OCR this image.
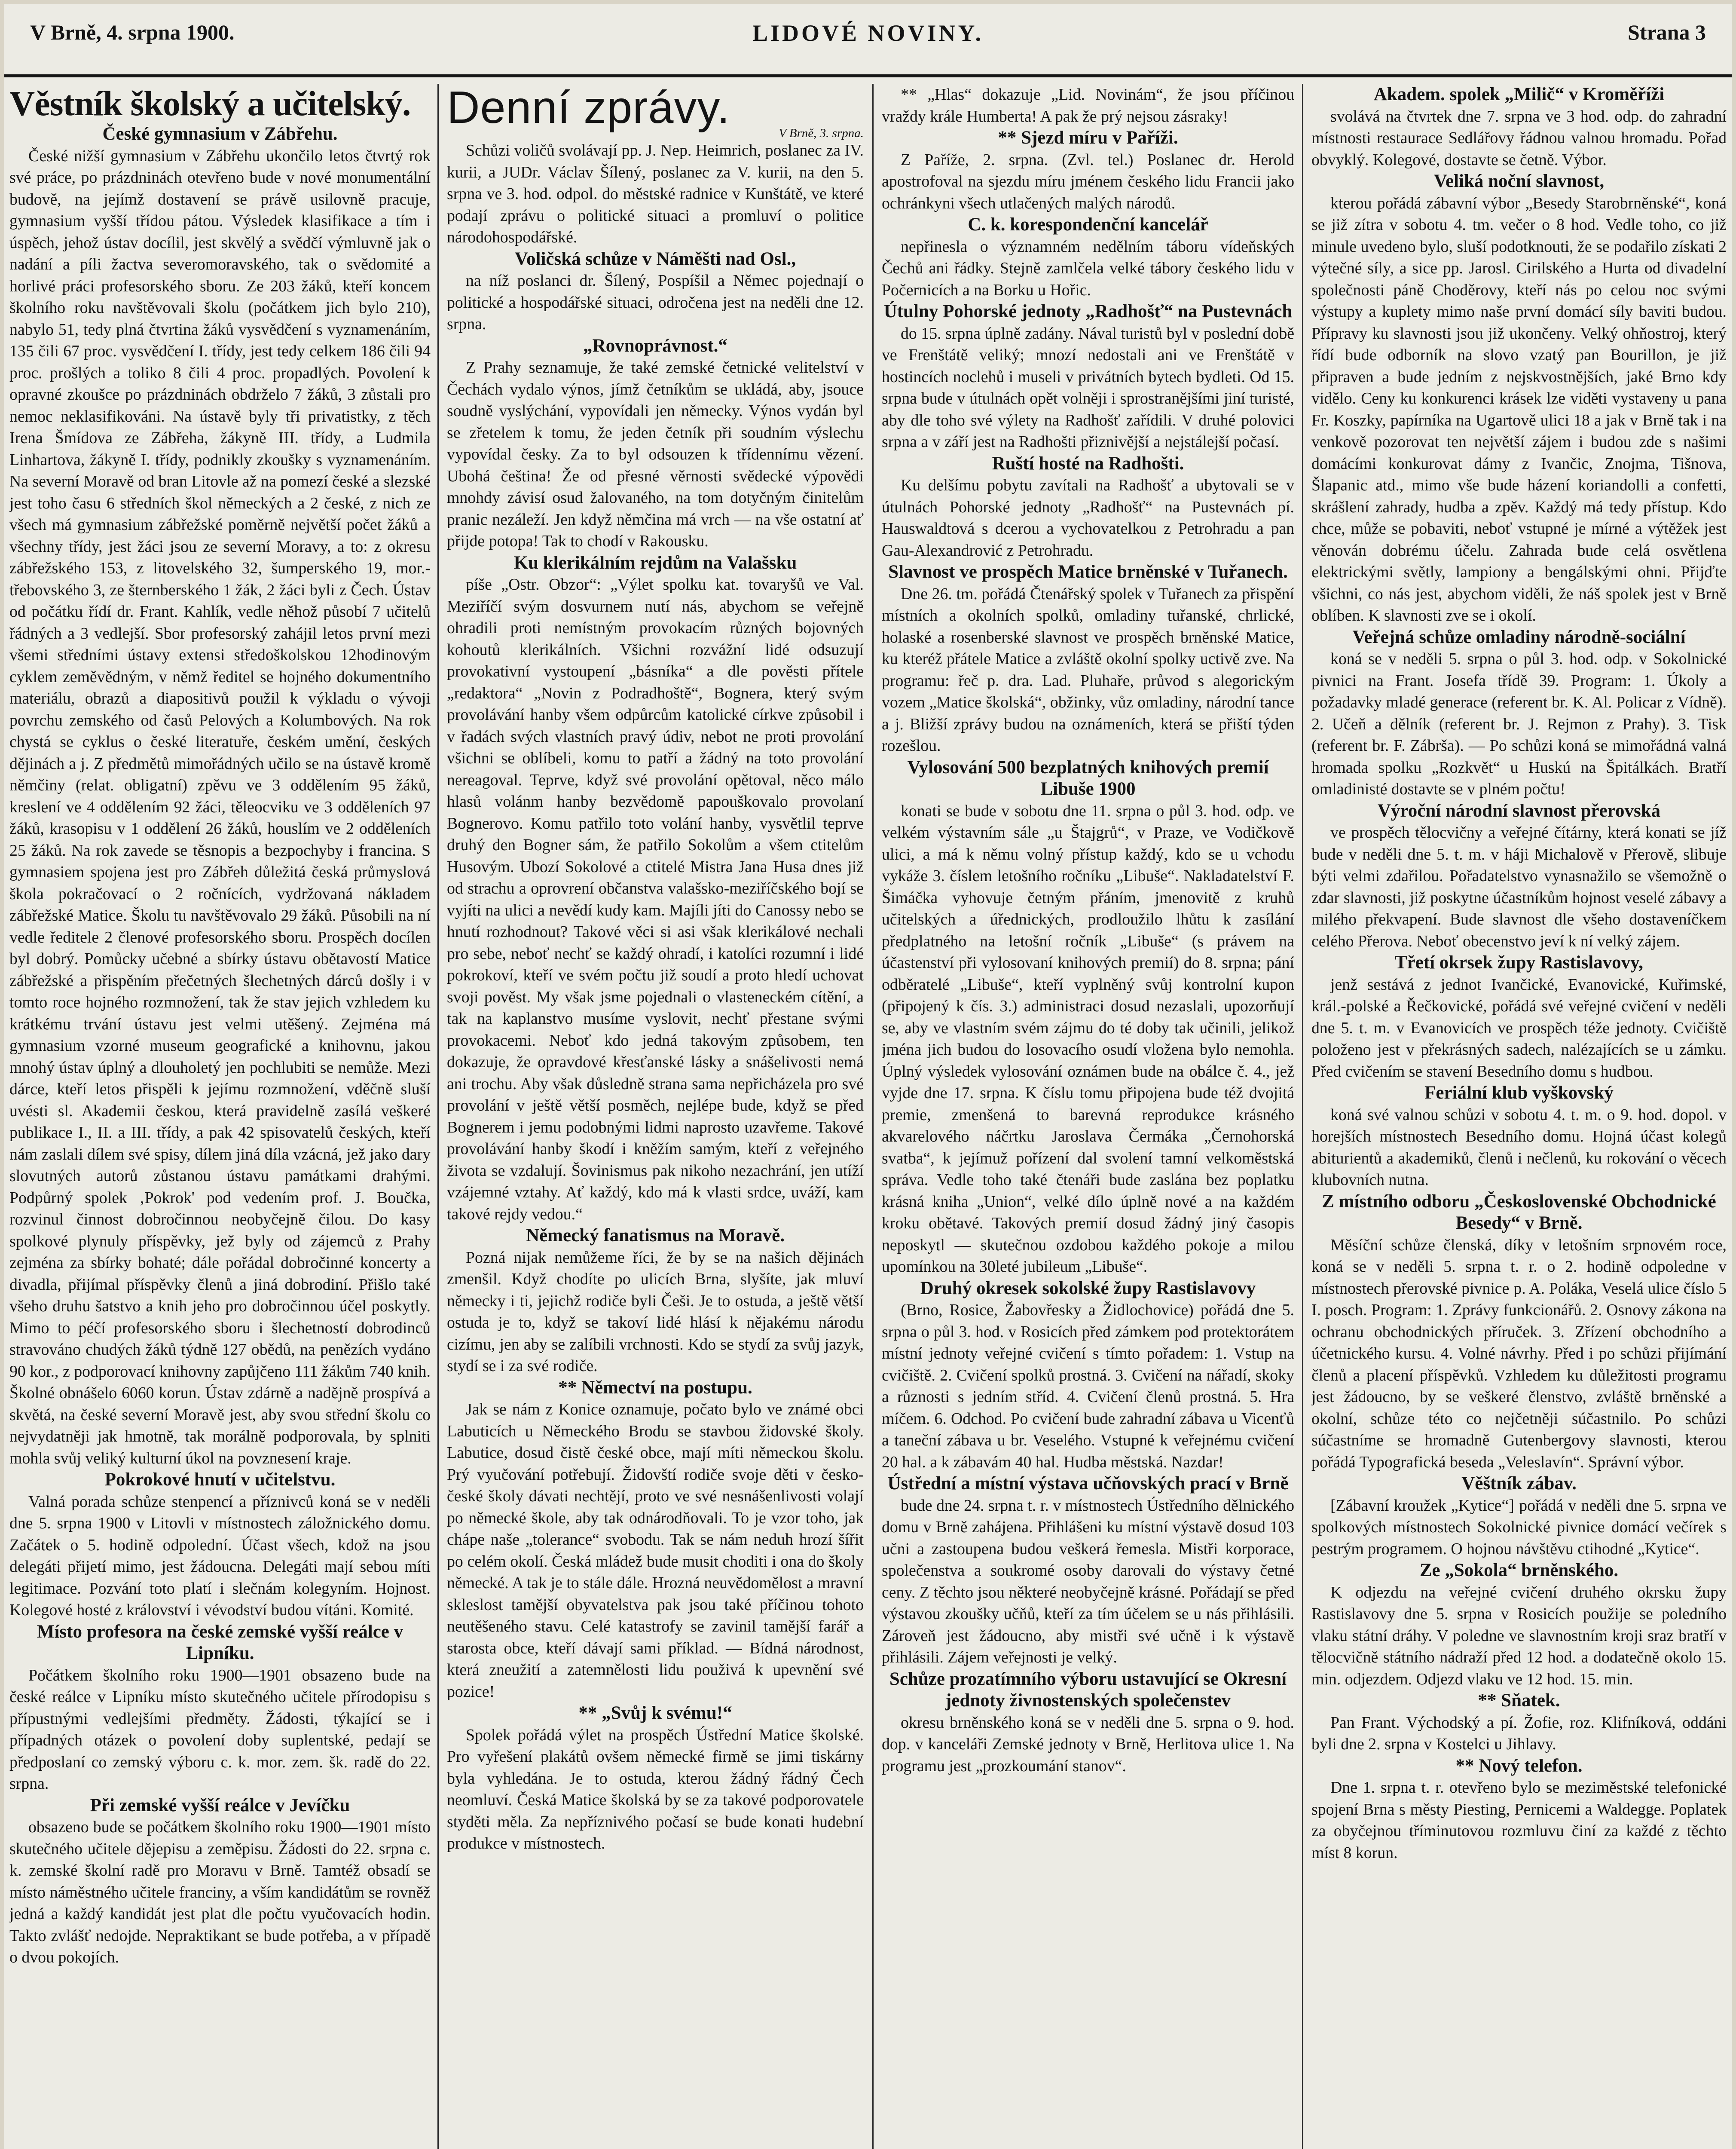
V Brně, 4. srpna 1900.	LIDOVÉ NOVINY.	Strana 3
Věstník školský a učitelský.
České gymnasium v Zábřehu.

České nižší gymnasium v Zábřehu ukončilo letos čtvrtý rok své práce, po prázdninách otevřeno bude v nové monumentální budově, na jejímž dostavení se právě usilovně pracuje, gymnasium vyšší třídou pátou. Výsledek klasifikace a tím i úspěch, jehož ústav docílil, jest skvělý a svědčí výmluvně jak o nadání a píli žactva severomoravského, tak o svědomité a horlivé práci profesorského sboru. Ze 203 žáků, kteří koncem školního roku navštěvovali školu (počátkem jich bylo 210), nabylo 51, tedy plná čtvrtina žáků vysvědčení s vyznamenáním, 135 čili 67 proc. vysvědčení I. třídy, jest tedy celkem 186 čili 94 proc. prošlých a toliko 8 čili 4 proc. propadlých. Povolení k opravné zkoušce po prázdninách obdrželo 7 žáků, 3 zůstali pro nemoc neklasifikováni. Na ústavě byly tři privatistky, z těch Irena Šmídova ze Zábřeha, žákyně III. třídy, a Ludmila Linhartova, žákyně I. třídy, podnikly zkoušky s vyznamenáním. Na severní Moravě od bran Litovle až na pomezí české a slezské jest toho času 6 středních škol německých a 2 české, z nich ze všech má gymnasium zábřežské poměrně největší počet žáků a všechny třídy, jest žáci jsou ze severní Moravy, a to: z okresu zábřežského 153, z litovelského 32, šumperského 19, mor.-třebovského 3, ze šternberského 1 žák, 2 žáci byli z Čech. Ústav od počátku řídí dr. Frant. Kahlík, vedle něhož působí 7 učitelů řádných a 3 vedlejší. Sbor profesorský zahájil letos první mezi všemi středními ústavy extensi středoškolskou 12hodinovým cyklem zeměvědným, v němž ředitel se hojného dokumentního materiálu, obrazů a diapositivů použil k výkladu o vývoji povrchu zemského od časů Pelových a Kolumbových. Na rok chystá se cyklus o české literatuře, českém umění, českých dějinách a j. Z předmětů mimořádných učilo se na ústavě kromě němčiny (relat. obligatní) zpěvu ve 3 oddělením 95 žáků, kreslení ve 4 oddělením 92 žáci, těleocviku ve 3 odděleních 97 žáků, krasopisu v 1 oddělení 26 žáků, houslím ve 2 odděleních 25 žáků. Na rok zavede se těsnopis a bezpochyby i francina. S gymnasiem spojena jest pro Zábřeh důležitá česká průmyslová škola pokračovací o 2 ročnících, vydržovaná nákladem zábřežské Matice. Školu tu navštěvovalo 29 žáků. Působili na ní vedle ředitele 2 členové profesorského sboru. Prospěch docílen byl dobrý. Pomůcky učebné a sbírky ústavu obětavostí Matice zábřežské a přispěním přečetných šlechetných dárců došly i v tomto roce hojného rozmnožení, tak že stav jejich vzhledem ku krátkému trvání ústavu jest velmi utěšený. Zejména má gymnasium vzorné museum geografické a knihovnu, jakou mnohý ústav úplný a dlouholetý jen pochlubiti se nemůže. Mezi dárce, kteří letos přispěli k jejímu rozmnožení, vděčně sluší uvésti sl. Akademii českou, která pravidelně zasílá veškeré publikace I., II. a III. třídy, a pak 42 spisovatelů českých, kteří nám zaslali dílem své spisy, dílem jiná díla vzácná, jež jako dary slovutných autorů zůstanou ústavu památkami drahými. Podpůrný spolek ‚Pokrok' pod vedením prof. J. Boučka, rozvinul činnost dobročinnou neobyčejně čilou. Do kasy spolkové plynuly příspěvky, jež byly od zájemců z Prahy zejména za sbírky bohaté; dále pořádal dobročinné koncerty a divadla, přijímal příspěvky členů a jiná dobrodiní. Přišlo také všeho druhu šatstvo a knih jeho pro dobročinnou účel poskytly. Mimo to péčí profesorského sboru i šlechetností dobrodinců stravováno chudých žáků týdně 127 obědů, na penězích vydáno 90 kor., z podporovací knihovny zapůjčeno 111 žákům 740 knih. Školné obnášelo 6060 korun. Ústav zdárně a nadějně prospívá a skvětá, na české severní Moravě jest, aby svou střední školu co nejvydatněji jak hmotně, tak morálně podporovala, by splniti mohla svůj veliký kulturní úkol na povznesení kraje.

Pokrokové hnutí v učitelstvu.

Valná porada schůze stenpencí a příznivců koná se v neděli dne 5. srpna 1900 v Litovli v místnostech záložnického domu. Začátek o 5. hodině odpolední. Účast všech, kdož na jsou delegáti přijetí mimo, jest žádoucna. Delegáti mají sebou míti legitimace. Pozvání toto platí i slečnám kolegyním. Hojnost. Kolegové hosté z království i vévodství budou vítáni. Komité.

Místo profesora na české zemské vyšší reálce v Lipníku.

Počátkem školního roku 1900—1901 obsazeno bude na české reálce v Lipníku místo skutečného učitele přírodopisu s přípustnými vedlejšími předměty. Žádosti, týkající se i případných otázek o povolení doby suplentské, pedají se předposlaní co zemský výboru c. k. mor. zem. šk. radě do 22. srpna.

Při zemské vyšší reálce v Jevíčku

obsazeno bude se počátkem školního roku 1900—1901 místo skutečného učitele dějepisu a zeměpisu. Žádosti do 22. srpna c. k. zemské školní radě pro Moravu v Brně. Tamtéž obsadí se místo náměstného učitele franciny, a vším kandidátům se rovněž jedná a každý kandidát jest plat dle počtu vyučovacích hodin. Takto zvlášť nedojde. Nepraktikant se bude potřeba, a v případě o dvou pokojích.

Denní zprávy.
V Brně, 3. srpna.

Schůzi voličů svolávají pp. J. Nep. Heimrich, poslanec za IV. kurii, a JUDr. Václav Šílený, poslanec za V. kurii, na den 5. srpna ve 3. hod. odpol. do městské radnice v Kunštátě, ve které podají zprávu o politické situaci a promluví o politice národohospodářské.

Voličská schůze v Náměšti nad Osl.,

na níž poslanci dr. Šílený, Pospíšil a Němec pojednají o politické a hospodářské situaci, odročena jest na neděli dne 12. srpna.

„Rovnoprávnost.“

Z Prahy seznamuje, že také zemské četnické velitelství v Čechách vydalo výnos, jímž četníkům se ukládá, aby, jsouce soudně vyslýchání, vypovídali jen německy. Výnos vydán byl se zřetelem k tomu, že jeden četník při soudním výslechu vypovídal česky. Za to byl odsouzen k třídennímu vězení. Ubohá čeština! Že od přesné věrnosti svědecké výpovědi mnohdy závisí osud žalovaného, na tom dotyčným činitelům pranic nezáleží. Jen když němčina má vrch — na vše ostatní ať přijde potopa! Tak to chodí v Rakousku.

Ku klerikálním rejdům na Valašsku

píše „Ostr. Obzor“: „Výlet spolku kat. tovaryšů ve Val. Meziříčí svým dosvurnem nutí nás, abychom se veřejně ohradili proti nemístným provokacím různých bojovných kohoutů klerikálních. Všichni rozvážní lidé odsuzují provokativní vystoupení „básníka“ a dle pověsti přítele „redaktora“ „Novin z Podradhoště“, Bognera, který svým provolávání hanby všem odpůrcům katolické církve způsobil i v řadách svých vlastních pravý údiv, nebot ne proti provolání všichni se oblíbeli, komu to patří a žádný na toto provolání nereagoval. Teprve, když své provolání opětoval, něco málo hlasů volánm hanby bezvědomě papouškovalo provolaní Bognerovo. Komu patřilo toto volání hanby, vysvětlil teprve druhý den Bogner sám, že patřilo Sokolům a všem ctitelům Husovým. Ubozí Sokolové a ctitelé Mistra Jana Husa dnes již od strachu a oprovrení občanstva valašsko-meziříčského bojí se vyjíti na ulici a nevědí kudy kam. Majíli jíti do Canossy nebo se hnutí rozhodnout? Takové věci si asi však klerikálové nechali pro sebe, neboť nechť se každý ohradí, i katolíci rozumní i lidé pokrokoví, kteří ve svém počtu již soudí a proto hledí uchovat svoji pověst. My však jsme pojednali o vlasteneckém cítění, a tak na kaplanstvo musíme vyslovit, nechť přestane svými provokacemi. Neboť kdo jedná takovým způsobem, ten dokazuje, že opravdové křesťanské lásky a snášelivosti nemá ani trochu. Aby však důsledně strana sama nepřicházela pro své provolání v ještě větší posměch, nejlépe bude, když se před Bognerem i jemu podobnými lidmi naprosto uzavřeme. Takové provolávání hanby škodí i kněžím samým, kteří z veřejného života se vzdalují. Šovinismus pak nikoho nezachrání, jen utíží vzájemné vztahy. Ať každý, kdo má k vlasti srdce, uváží, kam takové rejdy vedou.“

Německý fanatismus na Moravě.

Pozná nijak nemůžeme říci, že by se na našich dějinách zmenšil. Když chodíte po ulicích Brna, slyšíte, jak mluví německy i ti, jejichž rodiče byli Češi. Je to ostuda, a ještě větší ostuda je to, když se takoví lidé hlásí k nějakému národu cizímu, jen aby se zalíbili vrchnosti. Kdo se stydí za svůj jazyk, stydí se i za své rodiče.

** Němectví na postupu.

Jak se nám z Konice oznamuje, počato bylo ve známé obci Labuticích u Německého Brodu se stavbou židovské školy. Labutice, dosud čistě české obce, mají míti německou školu. Prý vyučování potřebují. Židovští rodiče svoje děti v česko-české školy dávati nechtějí, proto ve své nesnášenlivosti volají po německé škole, aby tak odnárodňovali. To je vzor toho, jak chápe naše „tolerance“ svobodu. Tak se nám neduh hrozí šířit po celém okolí. Česká mládež bude musit choditi i ona do školy německé. A tak je to stále dále. Hrozná neuvědomělost a mravní skleslost tamější obyvatelstva pak jsou také příčinou tohoto neutěšeného stavu. Celé katastrofy se zavinil tamější farář a starosta obce, kteří dávají sami příklad. — Bídná národnost, která zneužití a zatemnělosti lidu použivá k upevnění své pozice!

** „Svůj k svému!“

Spolek pořádá výlet na prospěch Ústřední Matice školské. Pro vyřešení plakátů ovšem německé firmě se jimi tiskárny byla vyhledána. Je to ostuda, kterou žádný řádný Čech neomluví. Česká Matice školská by se za takové podporovatele styděti měla. Za nepříznivého počasí se bude konati hudební produkce v místnostech.

** „Hlas“ dokazuje „Lid. Novinám“, že jsou příčinou vraždy krále Humberta! A pak že prý nejsou zásraky!

** Sjezd míru v Paříži.

Z Paříže, 2. srpna. (Zvl. tel.) Poslanec dr. Herold apostrofoval na sjezdu míru jménem českého lidu Francii jako ochránkyni všech utlačených malých národů.

C. k. korespondenční kancelář

nepřinesla o významném nedělním táboru vídeňských Čechů ani řádky. Stejně zamlčela velké tábory českého lidu v Počernicích a na Borku u Hořic.

Útulny Pohorské jednoty „Radhošť“ na Pustevnách

do 15. srpna úplně zadány. Nával turistů byl v poslední době ve Frenštátě veliký; mnozí nedostali ani ve Frenštátě v hostincích noclehů i museli v privátních bytech bydleti. Od 15. srpna bude v útulnách opět volněji i sprostranějšími jiní turisté, aby dle toho své výlety na Radhošť zařídili. V druhé polovici srpna a v září jest na Radhošti přiznivější a nejstálejší počasí.

Ruští hosté na Radhošti.

Ku delšímu pobytu zavítali na Radhošť a ubytovali se v útulnách Pohorské jednoty „Radhošť“ na Pustevnách pí. Hauswaldtová s dcerou a vychovatelkou z Petrohradu a pan Gau-Alexandrović z Petrohradu.

Slavnost ve prospěch Matice brněnské v Tuřanech.

Dne 26. tm. pořádá Čtenářský spolek v Tuřanech za přispění místních a okolních spolků, omladiny tuřanské, chrlické, holaské a rosenberské slavnost ve prospěch brněnské Matice, ku kteréž přátele Matice a zvláště okolní spolky uctivě zve. Na programu: řeč p. dra. Lad. Pluhaře, průvod s alegorickým vozem „Matice školská“, obžinky, vůz omladiny, národní tance a j. Bližší zprávy budou na oznámeních, která se přiští týden rozešlou.

Vylosování 500 bezplatných knihových premií Libuše 1900

konati se bude v sobotu dne 11. srpna o půl 3. hod. odp. ve velkém výstavním sále „u Štajgrů“, v Praze, ve Vodičkově ulici, a má k němu volný přístup každý, kdo se u vchodu vykáže 3. číslem letošního ročníku „Libuše“. Nakladatelství F. Šimáčka vyhovuje četným přáním, jmenovitě z kruhů učitelských a úřednických, prodloužilo lhůtu k zasílání předplatného na letošní ročník „Libuše“ (s právem na účastenství při vylosovaní knihových premií) do 8. srpna; pání odběratelé „Libuše“, kteří vyplněný svůj kontrolní kupon (připojený k čís. 3.) administraci dosud nezaslali, upozorňují se, aby ve vlastním svém zájmu do té doby tak učinili, jelikož jména jich budou do losovacího osudí vložena bylo nemohla. Úplný výsledek vylosování oznámen bude na obálce č. 4., jež vyjde dne 17. srpna. K číslu tomu připojena bude též dvojitá premie, zmenšená to barevná reprodukce krásného akvarelového náčrtku Jaroslava Čermáka „Černohorská svatba“, k jejímuž pořízení dal svolení tamní velkoměstská správa. Vedle toho také čtenáři bude zaslána bez poplatku krásná kniha „Union“, velké dílo úplně nové a na každém kroku obětavé. Takových premií dosud žádný jiný časopis neposkytl — skutečnou ozdobou každého pokoje a milou upomínkou na 30leté jubileum „Libuše“.

Druhý okresek sokolské župy Rastislavovy

(Brno, Rosice, Žabovřesky a Židlochovice) pořádá dne 5. srpna o půl 3. hod. v Rosicích před zámkem pod protektorátem místní jednoty veřejné cvičení s tímto pořadem: 1. Vstup na cvičiště. 2. Cvičení spolků prostná. 3. Cvičení na nářadí, skoky a různosti s jedním stříd. 4. Cvičení členů prostná. 5. Hra míčem. 6. Odchod. Po cvičení bude zahradní zábava u Vicenťů a taneční zábava u br. Veselého. Vstupné k veřejnému cvičení 20 hal. a k zábavám 40 hal. Hudba městská. Nazdar!

Ústřední a místní výstava učňovských prací v Brně

bude dne 24. srpna t. r. v místnostech Ústředního dělnického domu v Brně zahájena. Přihlášeni ku místní výstavě dosud 103 učni a zastoupena budou veškerá řemesla. Mistři korporace, společenstva a soukromé osoby darovali do výstavy četné ceny. Z těchto jsou některé neobyčejně krásné. Pořádají se před výstavou zkoušky učňů, kteří za tím účelem se u nás přihlásili. Zároveň jest žádoucno, aby mistři své učně i k výstavě přihlásili. Zájem veřejnosti je velký.

Schůze prozatímního výboru ustavující se Okresní jednoty živnostenských společenstev

okresu brněnského koná se v neděli dne 5. srpna o 9. hod. dop. v kanceláři Zemské jednoty v Brně, Herlitova ulice 1. Na programu jest „prozkoumání stanov“.

Akadem. spolek „Milič“ v Kroměříži

svolává na čtvrtek dne 7. srpna ve 3 hod. odp. do zahradní místnosti restaurace Sedlářovy řádnou valnou hromadu. Pořad obvyklý. Kolegové, dostavte se četně. Výbor.

Veliká noční slavnost,

kterou pořádá zábavní výbor „Besedy Starobrněnské“, koná se již zítra v sobotu 4. tm. večer o 8 hod. Vedle toho, co již minule uvedeno bylo, sluší podotknouti, že se podařilo získati 2 výtečné síly, a sice pp. Jarosl. Cirilského a Hurta od divadelní společnosti páně Choděrovy, kteří nás po celou noc svými výstupy a kuplety mimo naše první domácí síly baviti budou. Přípravy ku slavnosti jsou již ukončeny. Velký ohňostroj, který řídí bude odborník na slovo vzatý pan Bourillon, je již připraven a bude jedním z nejskvostnějších, jaké Brno kdy vidělo. Ceny ku konkurenci krásek lze viděti vystaveny u pana Fr. Koszky, papírníka na Ugartově ulici 18 a jak v Brně tak i na venkově pozorovat ten největší zájem i budou zde s našimi domácími konkurovat dámy z Ivančic, Znojma, Tišnova, Šlapanic atd., mimo vše bude házení koriandolli a confetti, skrášlení zahrady, hudba a zpěv. Každý má tedy přístup. Kdo chce, může se pobaviti, neboť vstupné je mírné a výtěžek jest věnován dobrému účelu. Zahrada bude celá osvětlena elektrickými světly, lampiony a bengálskými ohni. Přijďte všichni, co nás jest, abychom viděli, že náš spolek jest v Brně oblíben. K slavnosti zve se i okolí.

Veřejná schůze omladiny národně-sociální

koná se v neděli 5. srpna o půl 3. hod. odp. v Sokolnické pivnici na Frant. Josefa třídě 39. Program: 1. Úkoly a požadavky mladé generace (referent br. K. Al. Policar z Vídně). 2. Učeň a dělník (referent br. J. Rejmon z Prahy). 3. Tisk (referent br. F. Zábrša). — Po schůzi koná se mimořádná valná hromada spolku „Rozkvět“ u Huskú na Špitálkách. Bratří omladinisté dostavte se v plném počtu!

Výroční národní slavnost přerovská

ve prospěch tělocvičny a veřejné čítárny, která konati se jíž bude v neděli dne 5. t. m. v háji Michalově v Přerově, slibuje býti velmi zdařilou. Pořadatelstvo vynasnažilo se všemožně o zdar slavnosti, již poskytne účastníkům hojnost veselé zábavy a milého překvapení. Bude slavnost dle všeho dostaveníčkem celého Přerova. Neboť obecenstvo jeví k ní velký zájem.

Třetí okrsek župy Rastislavovy,

jenž sestává z jednot Ivančické, Evanovické, Kuřimské, král.-polské a Řečkovické, pořádá své veřejné cvičení v neděli dne 5. t. m. v Evanovicích ve prospěch téže jednoty. Cvičiště položeno jest v překrásných sadech, nalézajících se u zámku. Před cvičením se stavení Besedního domu s hudbou.

Feriální klub vyškovský

koná své valnou schůzi v sobotu 4. t. m. o 9. hod. dopol. v horejších místnostech Besedního domu. Hojná účast kolegů abiturientů a akademiků, členů i nečlenů, ku rokování o věcech klubovních nutna.

Z místního odboru „Československé Obchodnické Besedy“ v Brně.

Měsíční schůze členská, díky v letošním srpnovém roce, koná se v neděli 5. srpna t. r. o 2. hodině odpoledne v místnostech přerovské pivnice p. A. Poláka, Veselá ulice číslo 5 I. posch. Program: 1. Zprávy funkcionářů. 2. Osnovy zákona na ochranu obchodnických příruček. 3. Zřízení obchodního a účetnického kursu. 4. Volné návrhy. Před i po schůzi přijímání členů a placení příspěvků. Vzhledem ku důležitosti programu jest žádoucno, by se veškeré členstvo, zvláště brněnské a okolní, schůze této co nejčetněji súčastnilo. Po schůzi súčastníme se hromadně Gutenbergovy slavnosti, kterou pořádá Typografická beseda „Veleslavín“. Správní výbor.

Věštník zábav.

[Zábavní kroužek „Kytice“] pořádá v neděli dne 5. srpna ve spolkových místnostech Sokolnické pivnice domácí večírek s pestrým programem. O hojnou návštěvu ctihodné „Kytice“.

Ze „Sokola“ brněnského.

K odjezdu na veřejné cvičení druhého okrsku župy Rastislavovy dne 5. srpna v Rosicích použije se poledního vlaku státní dráhy. V poledne ve slavnostním kroji sraz bratří v tělocvičně státního nádraží před 12 hod. a dodatečně okolo 15. min. odjezdem. Odjezd vlaku ve 12 hod. 15. min.

** Sňatek.

Pan Frant. Východský a pí. Žofie, roz. Klifníková, oddáni byli dne 2. srpna v Kostelci u Jihlavy.

** Nový telefon.

Dne 1. srpna t. r. otevřeno bylo se meziměstské telefonické spojení Brna s městy Piesting, Pernicemi a Waldegge. Poplatek za obyčejnou tříminutovou rozmluvu činí za každé z těchto míst 8 korun.
